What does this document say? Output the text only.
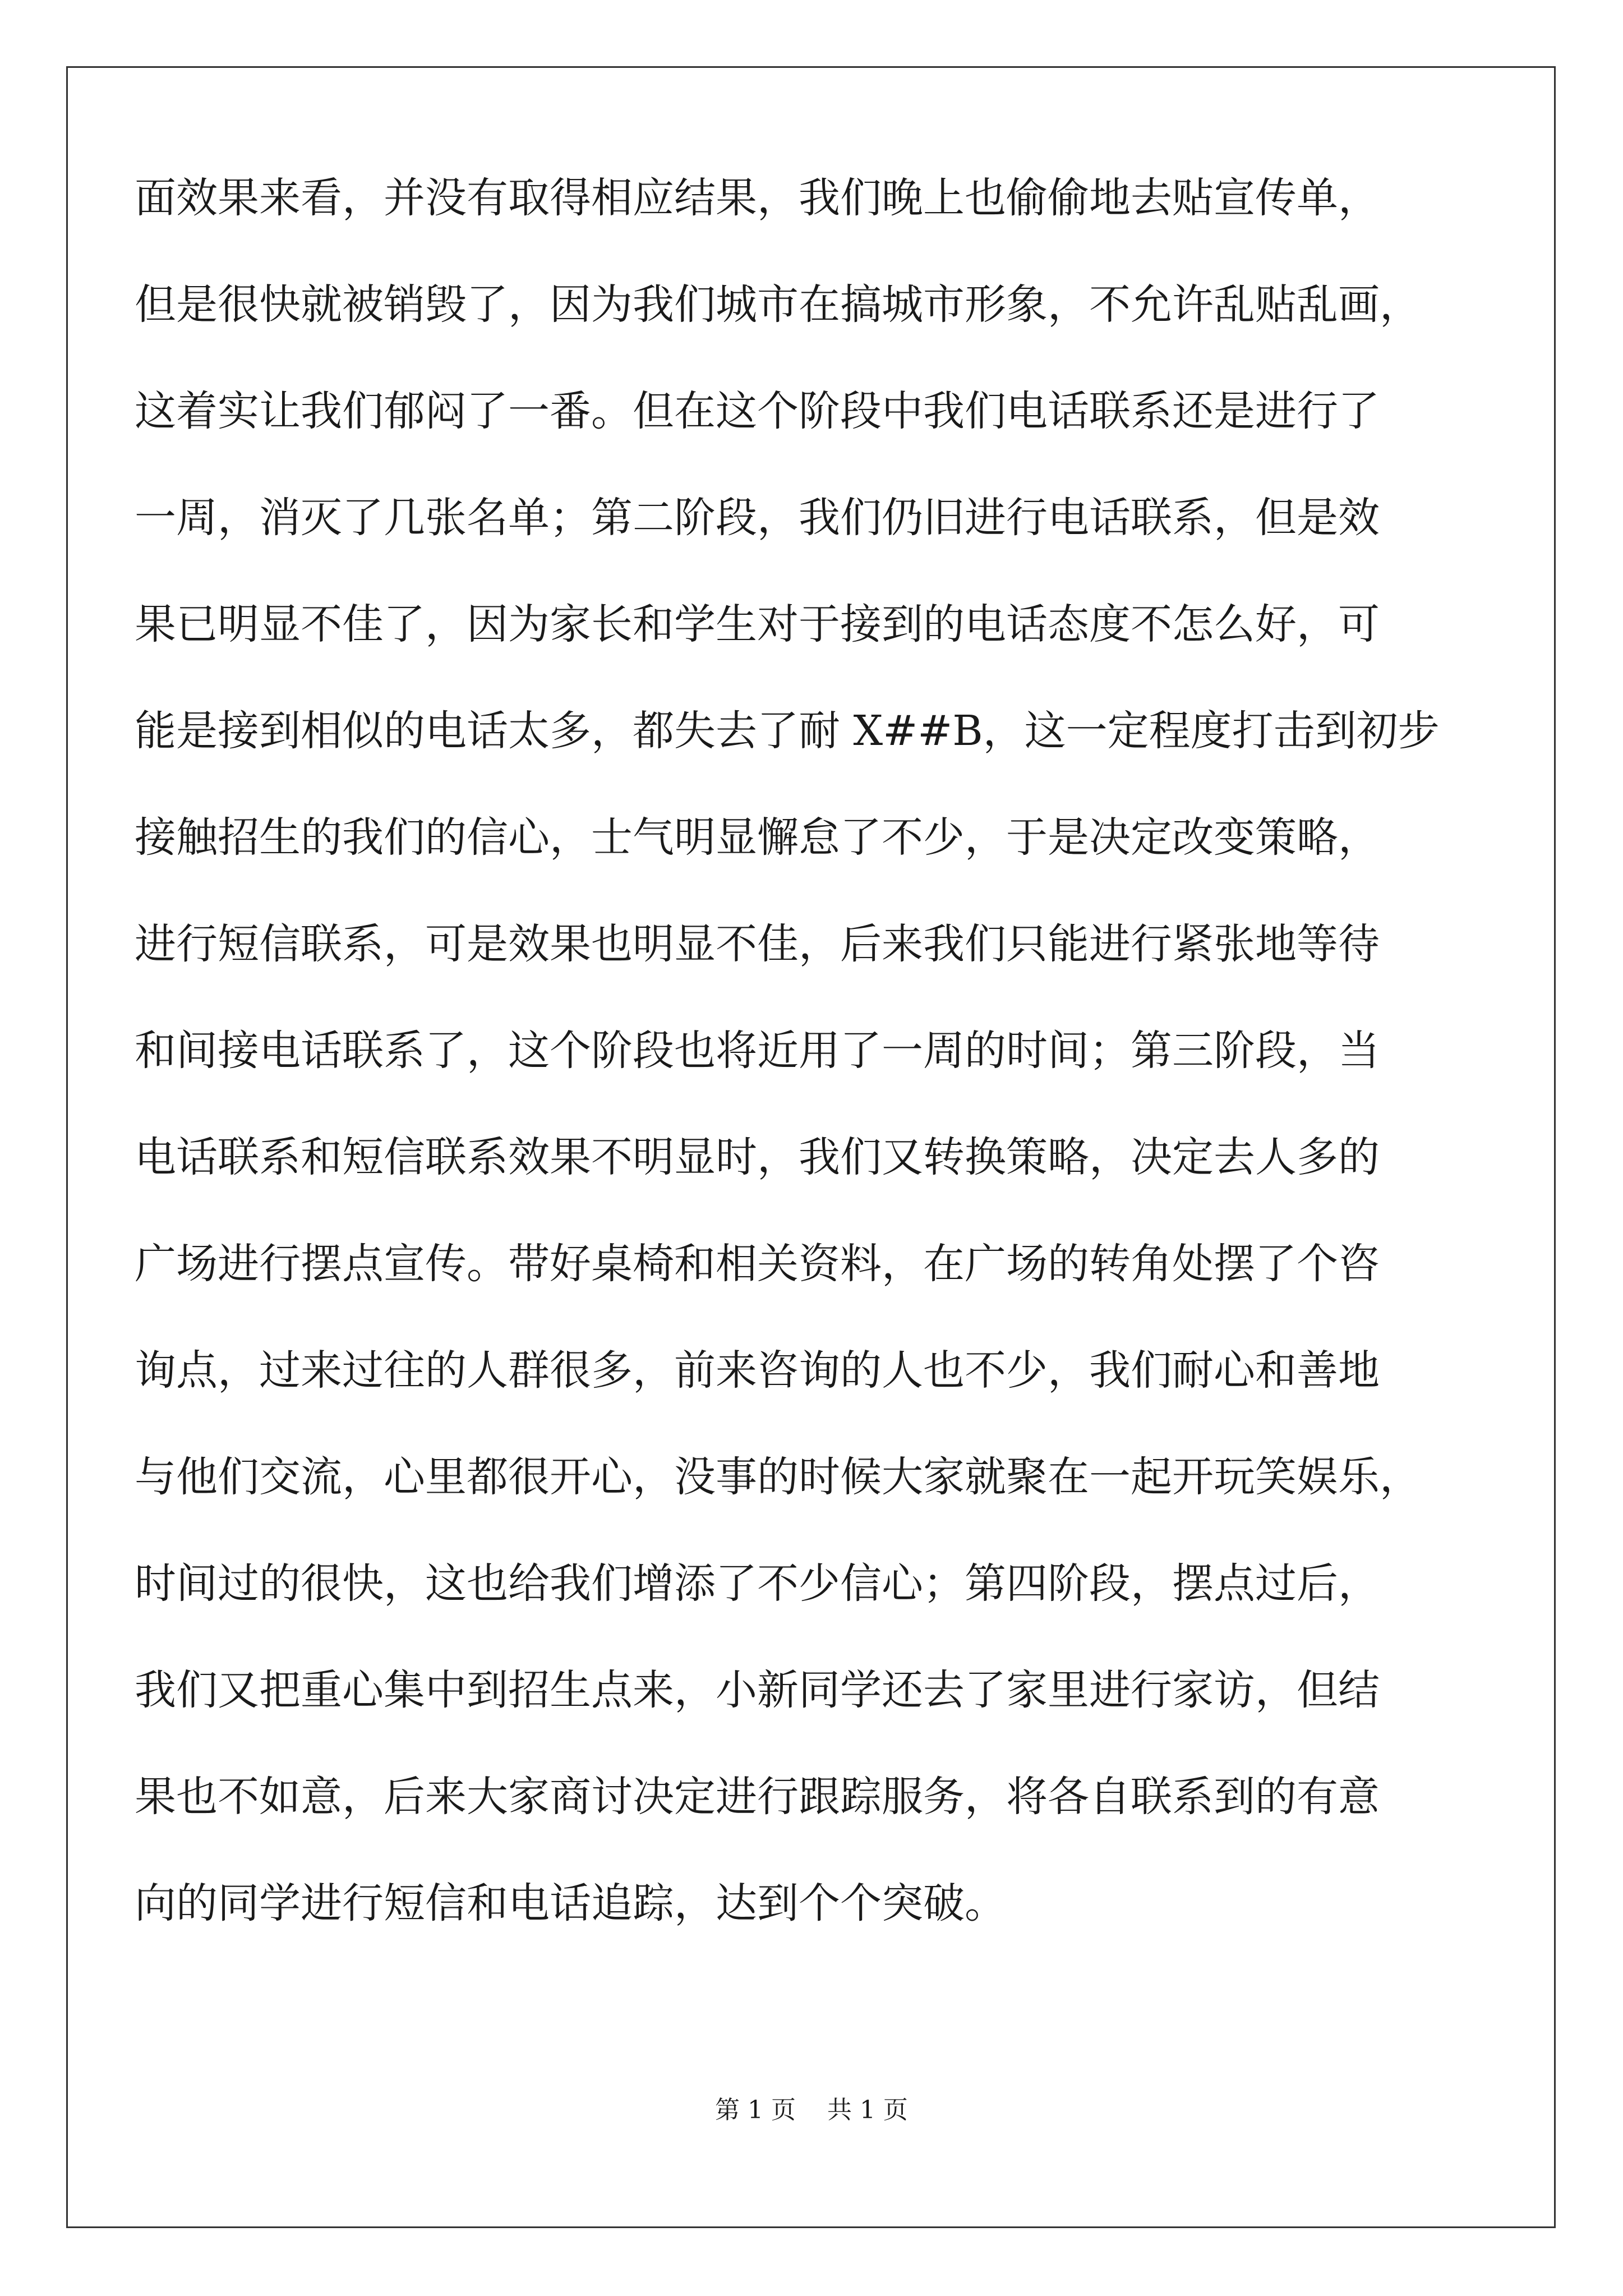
面效果来看，并没有取得相应结果，我们晚上也偷偷地去贴宣传单，
但是很快就被销毁了，因为我们城市在搞城市形象，不允许乱贴乱画，
这着实让我们郁闷了一番。但在这个阶段中我们电话联系还是进行了
一周，消灭了几张名单；第二阶段，我们仍旧进行电话联系，但是效
果已明显不佳了，因为家长和学生对于接到的电话态度不怎么好，可
能是接到相似的电话太多，都失去了耐 X##B，这一定程度打击到初步
接触招生的我们的信心，士气明显懈怠了不少，于是决定改变策略，
进行短信联系，可是效果也明显不佳，后来我们只能进行紧张地等待
和间接电话联系了，这个阶段也将近用了一周的时间；第三阶段，当
电话联系和短信联系效果不明显时，我们又转换策略，决定去人多的
广场进行摆点宣传。带好桌椅和相关资料，在广场的转角处摆了个咨
询点，过来过往的人群很多，前来咨询的人也不少，我们耐心和善地
与他们交流，心里都很开心，没事的时候大家就聚在一起开玩笑娱乐，
时间过的很快，这也给我们增添了不少信心；第四阶段，摆点过后，
我们又把重心集中到招生点来，小新同学还去了家里进行家访，但结
果也不如意，后来大家商讨决定进行跟踪服务，将各自联系到的有意
向的同学进行短信和电话追踪，达到个个突破。
第 1 页 共 1 页
